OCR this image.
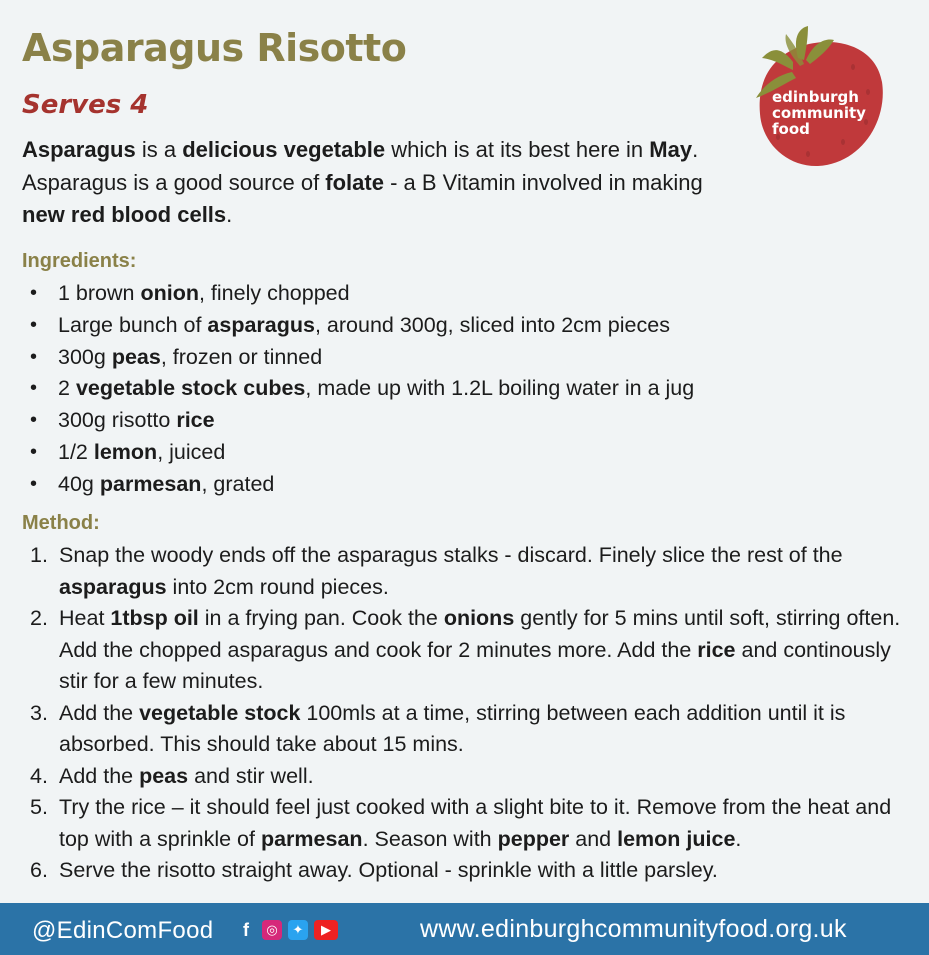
Asparagus Risotto
Serves 4	edinburgh
community
food
Asparagus is a delicious vegetable which is at its best here in May.
Asparagus is a good source of folate - a B Vitamin involved in making
new red blood cells.
Ingredients:
• 1 brown onion, finely chopped
• Large bunch of asparagus, around 300g, sliced into 2cm pieces
• 300g peas, frozen or tinned
• 2 vegetable stock cubes, made up with 1.2L boiling water in a jug
• 300g risotto rice
• 1/2 lemon, juiced
• 40g parmesan, grated
Method:
1. Snap the woody ends off the asparagus stalks - discard. Finely slice the rest of the asparagus into 2cm round pieces.
2. Heat 1tbsp oil in a frying pan. Cook the onions gently for 5 mins until soft, stirring often. Add the chopped asparagus and cook for 2 minutes more. Add the rice and continously stir for a few minutes.
3. Add the vegetable stock 100mls at a time, stirring between each addition until it is absorbed. This should take about 15 mins.
4. Add the peas and stir well.
5. Try the rice – it should feel just cooked with a slight bite to it. Remove from the heat and top with a sprinkle of parmesan. Season with pepper and lemon juice.
6. Serve the risotto straight away. Optional - sprinkle with a little parsley.
@EdinComFood	f	◎	✦	▶	www.edinburghcommunityfood.org.uk
